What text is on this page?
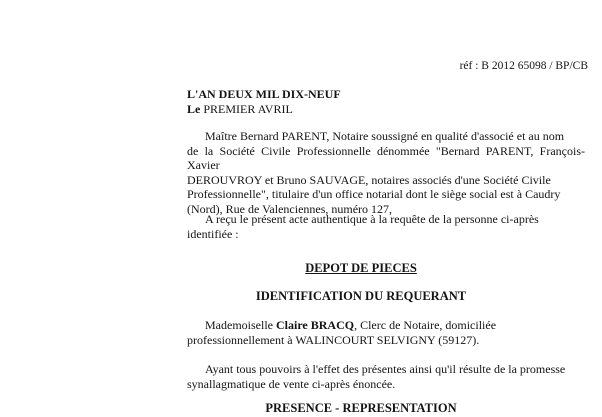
réf : B 2012 65098 / BP/CB
L'AN DEUX MIL DIX-NEUF
Le PREMIER AVRIL
Maître Bernard PARENT, Notaire soussigné en qualité d'associé et au nom
de la Société Civile Professionnelle dénommée "Bernard PARENT, François-Xavier
DEROUVROY et Bruno SAUVAGE, notaires associés d'une Société Civile
Professionnelle", titulaire d'un office notarial dont le siège social est à Caudry
(Nord), Rue de Valenciennes, numéro 127,
A reçu le présent acte authentique à la requête de la personne ci-après
identifiée :
DEPOT DE PIECES
IDENTIFICATION DU REQUERANT
Mademoiselle Claire BRACQ, Clerc de Notaire, domiciliée
professionnellement à WALINCOURT SELVIGNY (59127).
Ayant tous pouvoirs à l'effet des présentes ainsi qu'il résulte de la promesse
synallagmatique de vente ci-après énoncée.
PRESENCE - REPRESENTATION
